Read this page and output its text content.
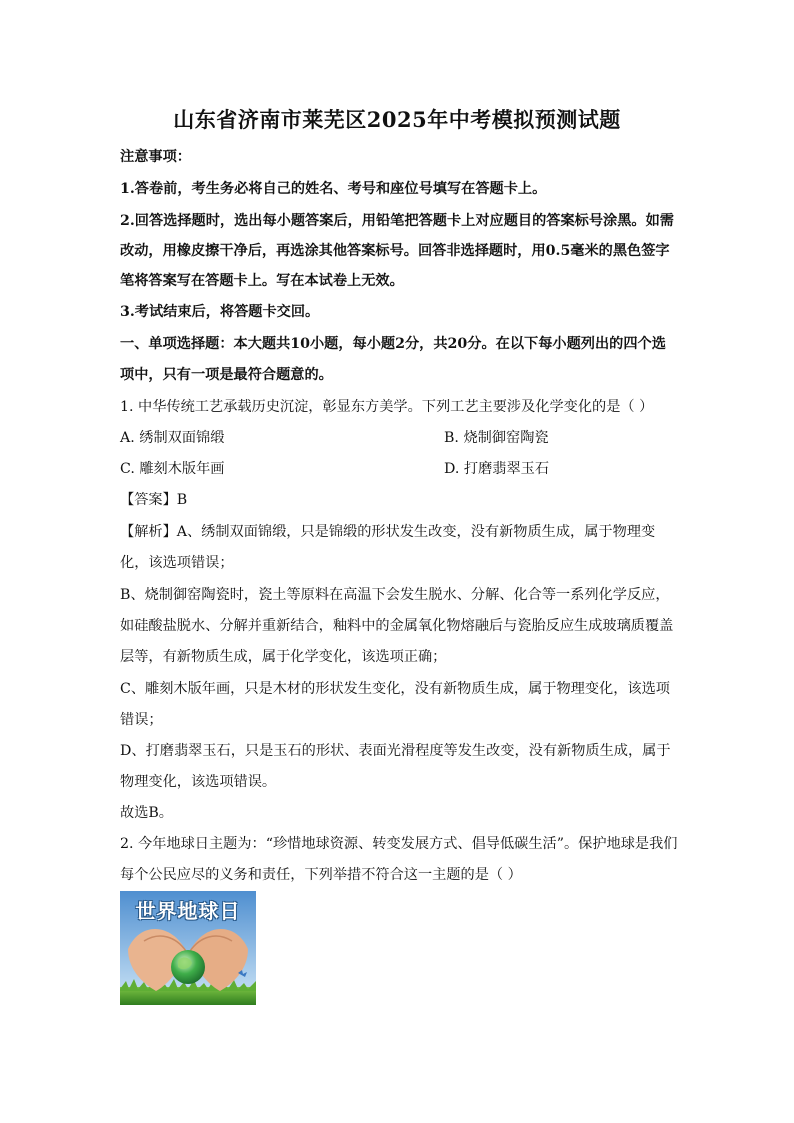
山东省济南市莱芜区2025年中考模拟预测试题
注意事项：
1.答卷前，考生务必将自己的姓名、考号和座位号填写在答题卡上。
2.回答选择题时，选出每小题答案后，用铅笔把答题卡上对应题目的答案标号涂黑。如需
改动，用橡皮擦干净后，再选涂其他答案标号。回答非选择题时，用0.5毫米的黑色签字
笔将答案写在答题卡上。写在本试卷上无效。
3.考试结束后，将答题卡交回。
一、单项选择题：本大题共10小题，每小题2分，共20分。在以下每小题列出的四个选
项中，只有一项是最符合题意的。
1. 中华传统工艺承载历史沉淀，彰显东方美学。下列工艺主要涉及化学变化的是（ ）
A. 绣制双面锦缎	B. 烧制御窑陶瓷
C. 雕刻木版年画	D. 打磨翡翠玉石
【答案】B
【解析】A、绣制双面锦缎，只是锦缎的形状发生改变，没有新物质生成，属于物理变
化，该选项错误；
B、烧制御窑陶瓷时，瓷土等原料在高温下会发生脱水、分解、化合等一系列化学反应，
如硅酸盐脱水、分解并重新结合，釉料中的金属氧化物熔融后与瓷胎反应生成玻璃质覆盖
层等，有新物质生成，属于化学变化，该选项正确；
C、雕刻木版年画，只是木材的形状发生变化，没有新物质生成，属于物理变化，该选项
错误；
D、打磨翡翠玉石，只是玉石的形状、表面光滑程度等发生改变，没有新物质生成，属于
物理变化，该选项错误。
故选B。
2. 今年地球日主题为：“珍惜地球资源、转变发展方式、倡导低碳生活”。保护地球是我们
每个公民应尽的义务和责任，下列举措不符合这一主题的是（ ）
世界地球日
